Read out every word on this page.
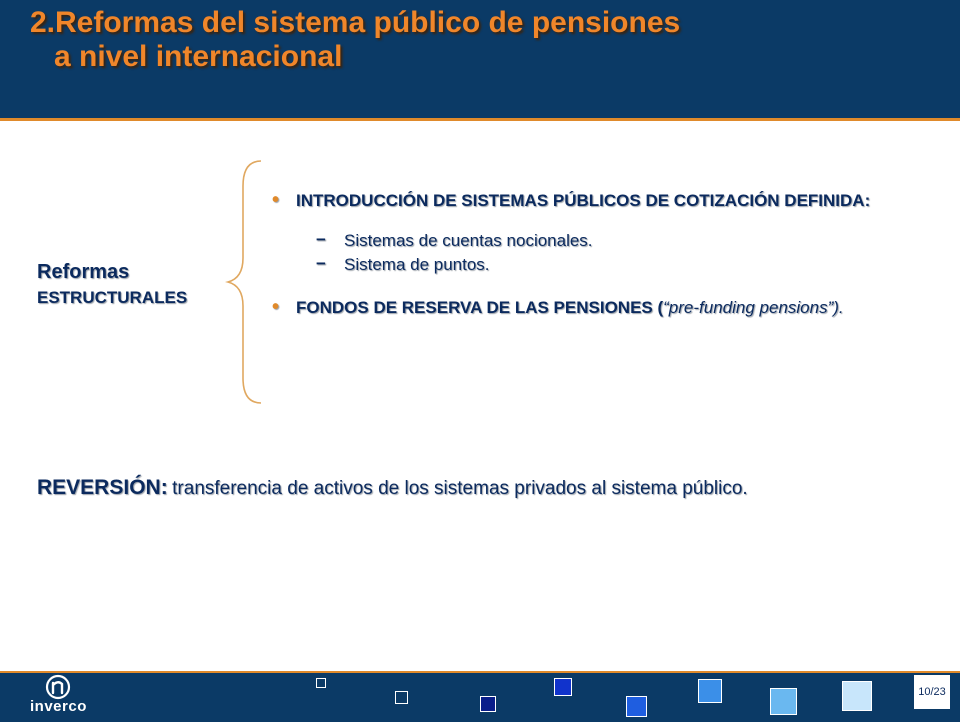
2.Reformas del sistema público de pensiones
a nivel internacional
Reformas
ESTRUCTURALES
• INTRODUCCIÓN DE SISTEMAS PÚBLICOS DE COTIZACIÓN DEFINIDA:
− Sistemas de cuentas nocionales.
− Sistema de puntos.
• FONDOS DE RESERVA DE LAS PENSIONES (“pre-funding pensions”).
REVERSIÓN: transferencia de activos de los sistemas privados al sistema público.
inverco
10/23
